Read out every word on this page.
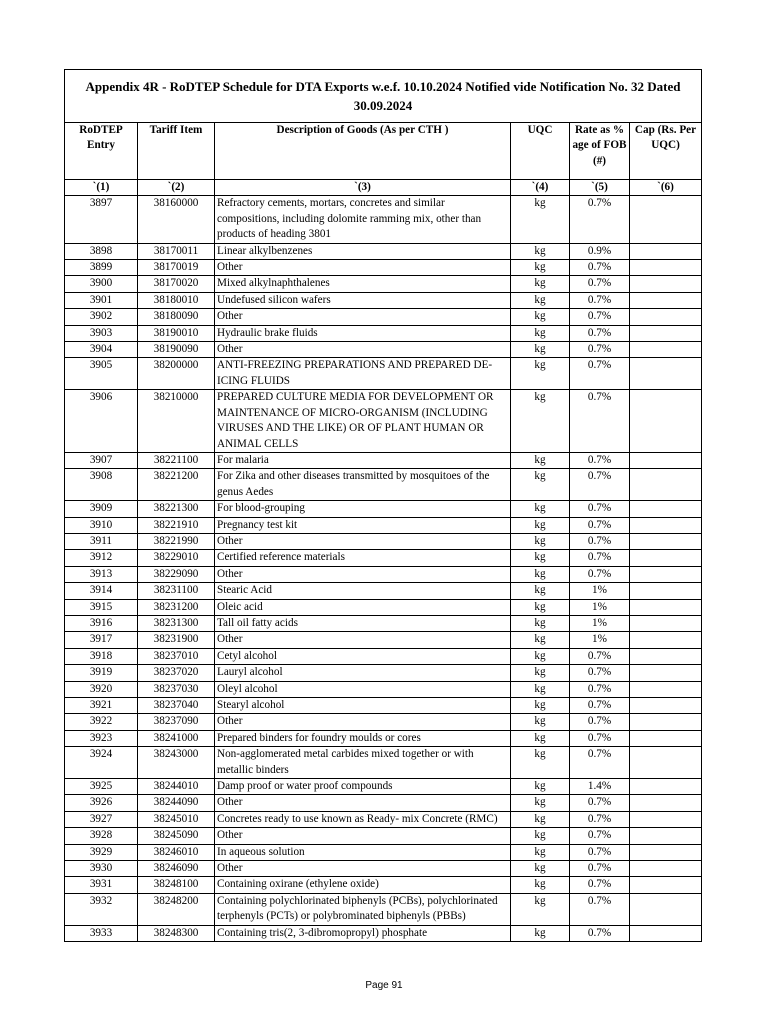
Appendix 4R - RoDTEP Schedule for DTA Exports w.e.f. 10.10.2024 Notified vide Notification No. 32 Dated 30.09.2024					
RoDTEP Entry	Tariff Item	Description of Goods (As per CTH )	UQC	Rate as % age of FOB (#)	Cap (Rs. Per UQC)
`(1)	`(2)	`(3)	`(4)	`(5)	`(6)
3897	38160000	Refractory cements, mortars, concretes and similar compositions, including dolomite ramming mix, other than products of heading 3801	kg	0.7%	
3898	38170011	Linear alkylbenzenes	kg	0.9%	
3899	38170019	Other	kg	0.7%	
3900	38170020	Mixed alkylnaphthalenes	kg	0.7%	
3901	38180010	Undefused silicon wafers	kg	0.7%	
3902	38180090	Other	kg	0.7%	
3903	38190010	Hydraulic brake fluids	kg	0.7%	
3904	38190090	Other	kg	0.7%	
3905	38200000	ANTI-FREEZING PREPARATIONS AND PREPARED DE-ICING FLUIDS	kg	0.7%	
3906	38210000	PREPARED CULTURE MEDIA FOR DEVELOPMENT OR MAINTENANCE OF MICRO-ORGANISM (INCLUDING VIRUSES AND THE LIKE) OR OF PLANT HUMAN OR ANIMAL CELLS	kg	0.7%	
3907	38221100	For malaria	kg	0.7%	
3908	38221200	For Zika and other diseases transmitted by mosquitoes of the genus Aedes	kg	0.7%	
3909	38221300	For blood-grouping	kg	0.7%	
3910	38221910	Pregnancy test kit	kg	0.7%	
3911	38221990	Other	kg	0.7%	
3912	38229010	Certified reference materials	kg	0.7%	
3913	38229090	Other	kg	0.7%	
3914	38231100	Stearic Acid	kg	1%	
3915	38231200	Oleic acid	kg	1%	
3916	38231300	Tall oil fatty acids	kg	1%	
3917	38231900	Other	kg	1%	
3918	38237010	Cetyl alcohol	kg	0.7%	
3919	38237020	Lauryl alcohol	kg	0.7%	
3920	38237030	Oleyl alcohol	kg	0.7%	
3921	38237040	Stearyl alcohol	kg	0.7%	
3922	38237090	Other	kg	0.7%	
3923	38241000	Prepared binders for foundry moulds or cores	kg	0.7%	
3924	38243000	Non-agglomerated metal carbides mixed together or with metallic binders	kg	0.7%	
3925	38244010	Damp proof or water proof compounds	kg	1.4%	
3926	38244090	Other	kg	0.7%	
3927	38245010	Concretes ready to use known as Ready- mix Concrete (RMC)	kg	0.7%	
3928	38245090	Other	kg	0.7%	
3929	38246010	In aqueous solution	kg	0.7%	
3930	38246090	Other	kg	0.7%	
3931	38248100	Containing oxirane (ethylene oxide)	kg	0.7%	
3932	38248200	Containing polychlorinated biphenyls (PCBs), polychlorinated terphenyls (PCTs) or polybrominated biphenyls (PBBs)	kg	0.7%	
3933	38248300	Containing tris(2, 3-dibromopropyl) phosphate	kg	0.7%	
Page 91
